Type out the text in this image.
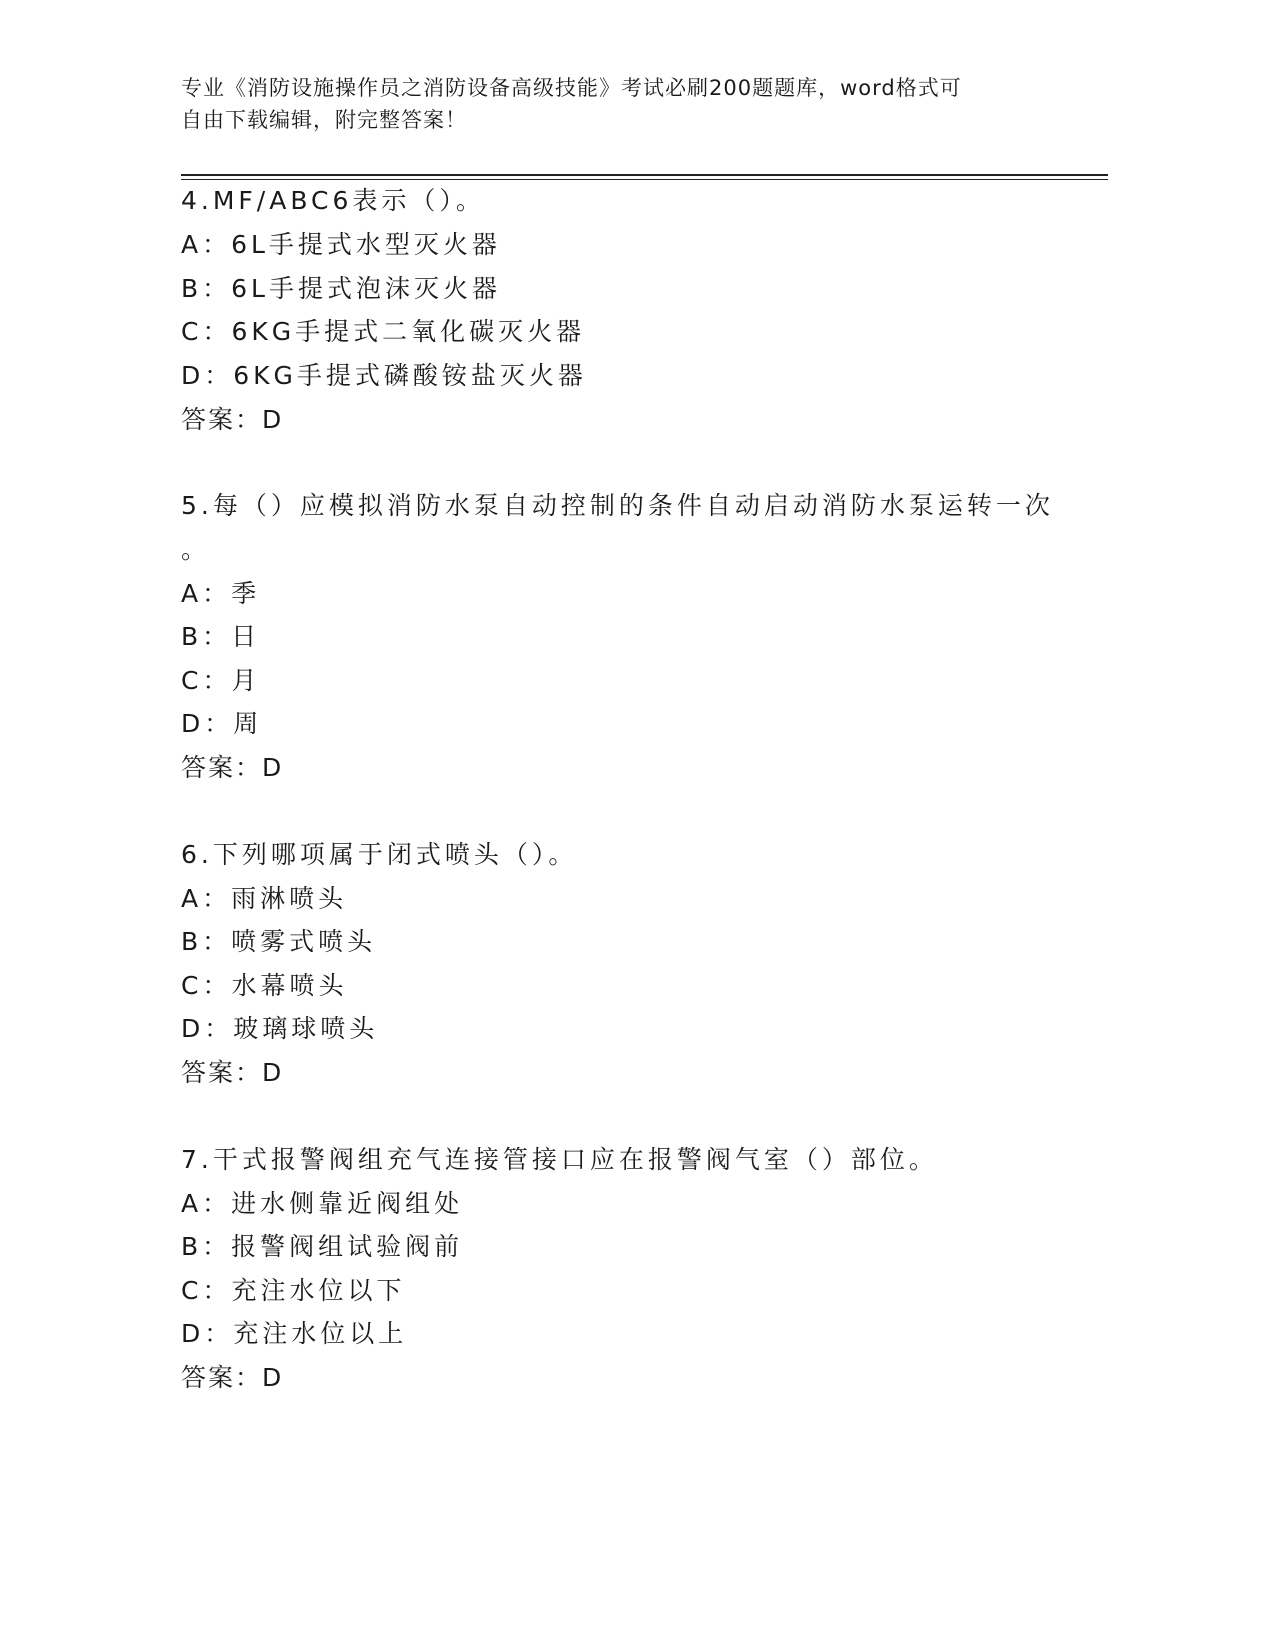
专业《消防设施操作员之消防设备高级技能》考试必刷200题题库，word格式可
自由下载编辑，附完整答案！
4.MF/ABC6表示（）。
A：6L手提式水型灭火器
B：6L手提式泡沫灭火器
C：6KG手提式二氧化碳灭火器
D：6KG手提式磷酸铵盐灭火器
答案：D
5.每（）应模拟消防水泵自动控制的条件自动启动消防水泵运转一次
。
A：季
B：日
C：月
D：周
答案：D
6.下列哪项属于闭式喷头（）。
A：雨淋喷头
B：喷雾式喷头
C：水幕喷头
D：玻璃球喷头
答案：D
7.干式报警阀组充气连接管接口应在报警阀气室（）部位。
A：进水侧靠近阀组处
B：报警阀组试验阀前
C：充注水位以下
D：充注水位以上
答案：D
